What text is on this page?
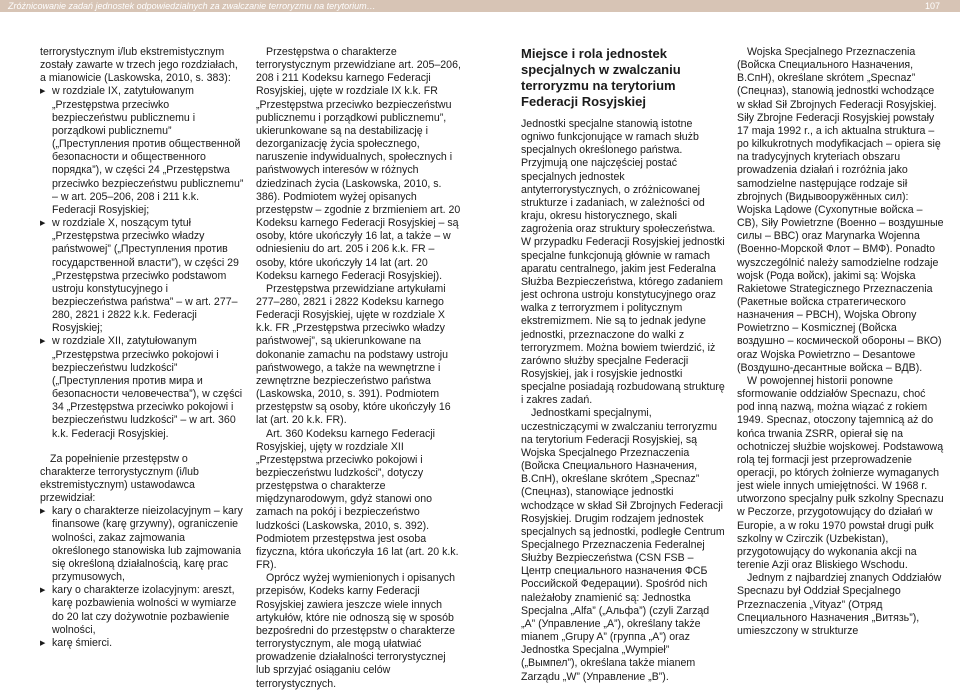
Zróżnicowanie zadań jednostek odpowiedzialnych za zwalczanie terroryzmu na terytorium…	107

terrorystycznym i/lub ekstremistycznym zostały zawarte w trzech jego rozdziałach, a mianowicie (Laskowska, 2010, s. 383):

▶ w rozdziale IX, zatytułowanym „Przestępstwa przeciwko bezpieczeństwu publicznemu i porządkowi publicznemu” („Преступления против общественной безопасности и общественного порядка”), w części 24 „Przestępstwa przeciwko bezpieczeństwu publicznemu” – w art. 205–206, 208 i 211 k.k. Federacji Rosyjskiej;
▶ w rozdziale X, noszącym tytuł „Przestępstwa przeciwko władzy państwowej” („Преступления против государственной власти”), w części 29 „Przestępstwa przeciwko podstawom ustroju konstytucyjnego i bezpieczeństwa państwa” – w art. 277–280, 2821 i 2822 k.k. Federacji Rosyjskiej;
▶ w rozdziale XII, zatytułowanym „Przestępstwa przeciwko pokojowi i bezpieczeństwu ludzkości” („Преступления против мира и безопасности человечества”), w części 34 „Przestępstwa przeciwko pokojowi i bezpieczeństwu ludzkości” – w art. 360 k.k. Federacji Rosyjskiej.

Za popełnienie przestępstw o charakterze terrorystycznym (i/lub ekstremistycznym) ustawodawca przewidział:

▶ kary o charakterze nieizolacyjnym – kary finansowe (karę grzywny), ograniczenie wolności, zakaz zajmowania określonego stanowiska lub zajmowania się określoną działalnością, karę prac przymusowych,
▶ kary o charakterze izolacyjnym: areszt, karę pozbawienia wolności w wymiarze do 20 lat czy dożywotnie pozbawienie wolności,
▶ karę śmierci.

Przestępstwa o charakterze terrorystycznym przewidziane art. 205–206, 208 i 211 Kodeksu karnego Federacji Rosyjskiej, ujęte w rozdziale IX k.k. FR „Przestępstwa przeciwko bezpieczeństwu publicznemu i porządkowi publicznemu”, ukierunkowane są na destabilizację i dezorganizację życia społecznego, naruszenie indywidualnych, społecznych i państwowych interesów w różnych dziedzinach życia (Laskowska, 2010, s. 386). Podmiotem wyżej opisanych przestępstw – zgodnie z brzmieniem art. 20 Kodeksu karnego Federacji Rosyjskiej – są osoby, które ukończyły 16 lat, a także – w odniesieniu do art. 205 i 206 k.k. FR – osoby, które ukończyły 14 lat (art. 20 Kodeksu karnego Federacji Rosyjskiej).

Przestępstwa przewidziane artykułami 277–280, 2821 i 2822 Kodeksu karnego Federacji Rosyjskiej, ujęte w rozdziale X k.k. FR „Przestępstwa przeciwko władzy państwowej”, są ukierunkowane na dokonanie zamachu na podstawy ustroju państwowego, a także na wewnętrzne i zewnętrzne bezpieczeństwo państwa (Laskowska, 2010, s. 391). Podmiotem przestępstw są osoby, które ukończyły 16 lat (art. 20 k.k. FR).

Art. 360 Kodeksu karnego Federacji Rosyjskiej, ujęty w rozdziale XII „Przestępstwa przeciwko pokojowi i bezpieczeństwu ludzkości”, dotyczy przestępstwa o charakterze międzynarodowym, gdyż stanowi ono zamach na pokój i bezpieczeństwo ludzkości (Laskowska, 2010, s. 392). Podmiotem przestępstwa jest osoba fizyczna, która ukończyła 16 lat (art. 20 k.k. FR).

Oprócz wyżej wymienionych i opisanych przepisów, Kodeks karny Federacji Rosyjskiej zawiera jeszcze wiele innych artykułów, które nie odnoszą się w sposób bezpośredni do przestępstw o charakterze terrorystycznym, ale mogą ułatwiać prowadzenie działalności terrorystycznej lub sprzyjać osiąganiu celów terrorystycznych.

Miejsce i rola jednostek specjalnych w zwalczaniu terroryzmu na terytorium Federacji Rosyjskiej

Jednostki specjalne stanowią istotne ogniwo funkcjonujące w ramach służb specjalnych określonego państwa. Przyjmują one najczęściej postać specjalnych jednostek antyterrorystycznych, o zróżnicowanej strukturze i zadaniach, w zależności od kraju, okresu historycznego, skali zagrożenia oraz struktury społeczeństwa. W przypadku Federacji Rosyjskiej jednostki specjalne funkcjonują głównie w ramach aparatu centralnego, jakim jest Federalna Służba Bezpieczeństwa, którego zadaniem jest ochrona ustroju konstytucyjnego oraz walka z terroryzmem i politycznym ekstremizmem. Nie są to jednak jedyne jednostki, przeznaczone do walki z terroryzmem. Można bowiem twierdzić, iż zarówno służby specjalne Federacji Rosyjskiej, jak i rosyjskie jednostki specjalne posiadają rozbudowaną strukturę i zakres zadań.

Jednostkami specjalnymi, uczestniczącymi w zwalczaniu terroryzmu na terytorium Federacji Rosyjskiej, są Wojska Specjalnego Przeznaczenia (Войска Специального Назначения, В.СпН), określane skrótem „Specnaz” (Спецназ), stanowiące jednostki wchodzące w skład Sił Zbrojnych Federacji Rosyjskiej. Drugim rodzajem jednostek specjalnych są jednostki, podległe Centrum Specjalnego Przeznaczenia Federalnej Służby Bezpieczeństwa (CSN FSB – Центр специального назначения ФСБ Российской Федерации). Spośród nich należałoby znamienić są: Jednostka Specjalna „Alfa” („Альфа”) (czyli Zarząd „A” (Управление „А”), określany także mianem „Grupy A” (группа „А”) oraz Jednostka Specjalna „Wympieł” („Вымпел”), określana także mianem Zarządu „W” (Управление „В”).

Wojska Specjalnego Przeznaczenia (Войска Специального Назначения, В.СпН), określane skrótem „Specnaz” (Спецназ), stanowią jednostki wchodzące w skład Sił Zbrojnych Federacji Rosyjskiej. Siły Zbrojne Federacji Rosyjskiej powstały 17 maja 1992 r., a ich aktualna struktura – po kilkukrotnych modyfikacjach – opiera się na tradycyjnych kryteriach obszaru prowadzenia działań i rozróżnia jako samodzielne następujące rodzaje sił zbrojnych (Видывооружённых сил): Wojska Lądowe (Сухопутные войска – СВ), Siły Powietrzne (Военно – воздушные силы – ВВС) oraz Marynarka Wojenna (Военно-Морской Флот – ВМФ). Ponadto wyszczególnić należy samodzielne rodzaje wojsk (Рода войск), jakimi są: Wojska Rakietowe Strategicznego Przeznaczenia (Ракетные войска стратегического назначения – РВСН), Wojska Obrony Powietrzno – Kosmicznej (Войска воздушно – космической обороны – ВКО) oraz Wojska Powietrzno – Desantowe (Воздушно-десантные войска – ВДВ).

W powojennej historii ponowne sformowanie oddziałów Specnazu, choć pod inną nazwą, można wiązać z rokiem 1949. Specnaz, otoczony tajemnicą aż do końca trwania ZSRR, opierał się na ochotniczej służbie wojskowej. Podstawową rolą tej formacji jest przeprowadzenie operacji, po których żołnierze wymaganych jest wiele innych umiejętności. W 1968 r. utworzono specjalny pułk szkolny Specnazu w Peczorze, przygotowujący do działań w Europie, a w roku 1970 powstał drugi pułk szkolny w Czirczik (Uzbekistan), przygotowujący do wykonania akcji na terenie Azji oraz Bliskiego Wschodu.

Jednym z najbardziej znanych Oddziałów Specnazu był Oddział Specjalnego Przeznaczenia „Vityaz” (Отряд Специального Назначения „Витязь”), umieszczony w strukturze
